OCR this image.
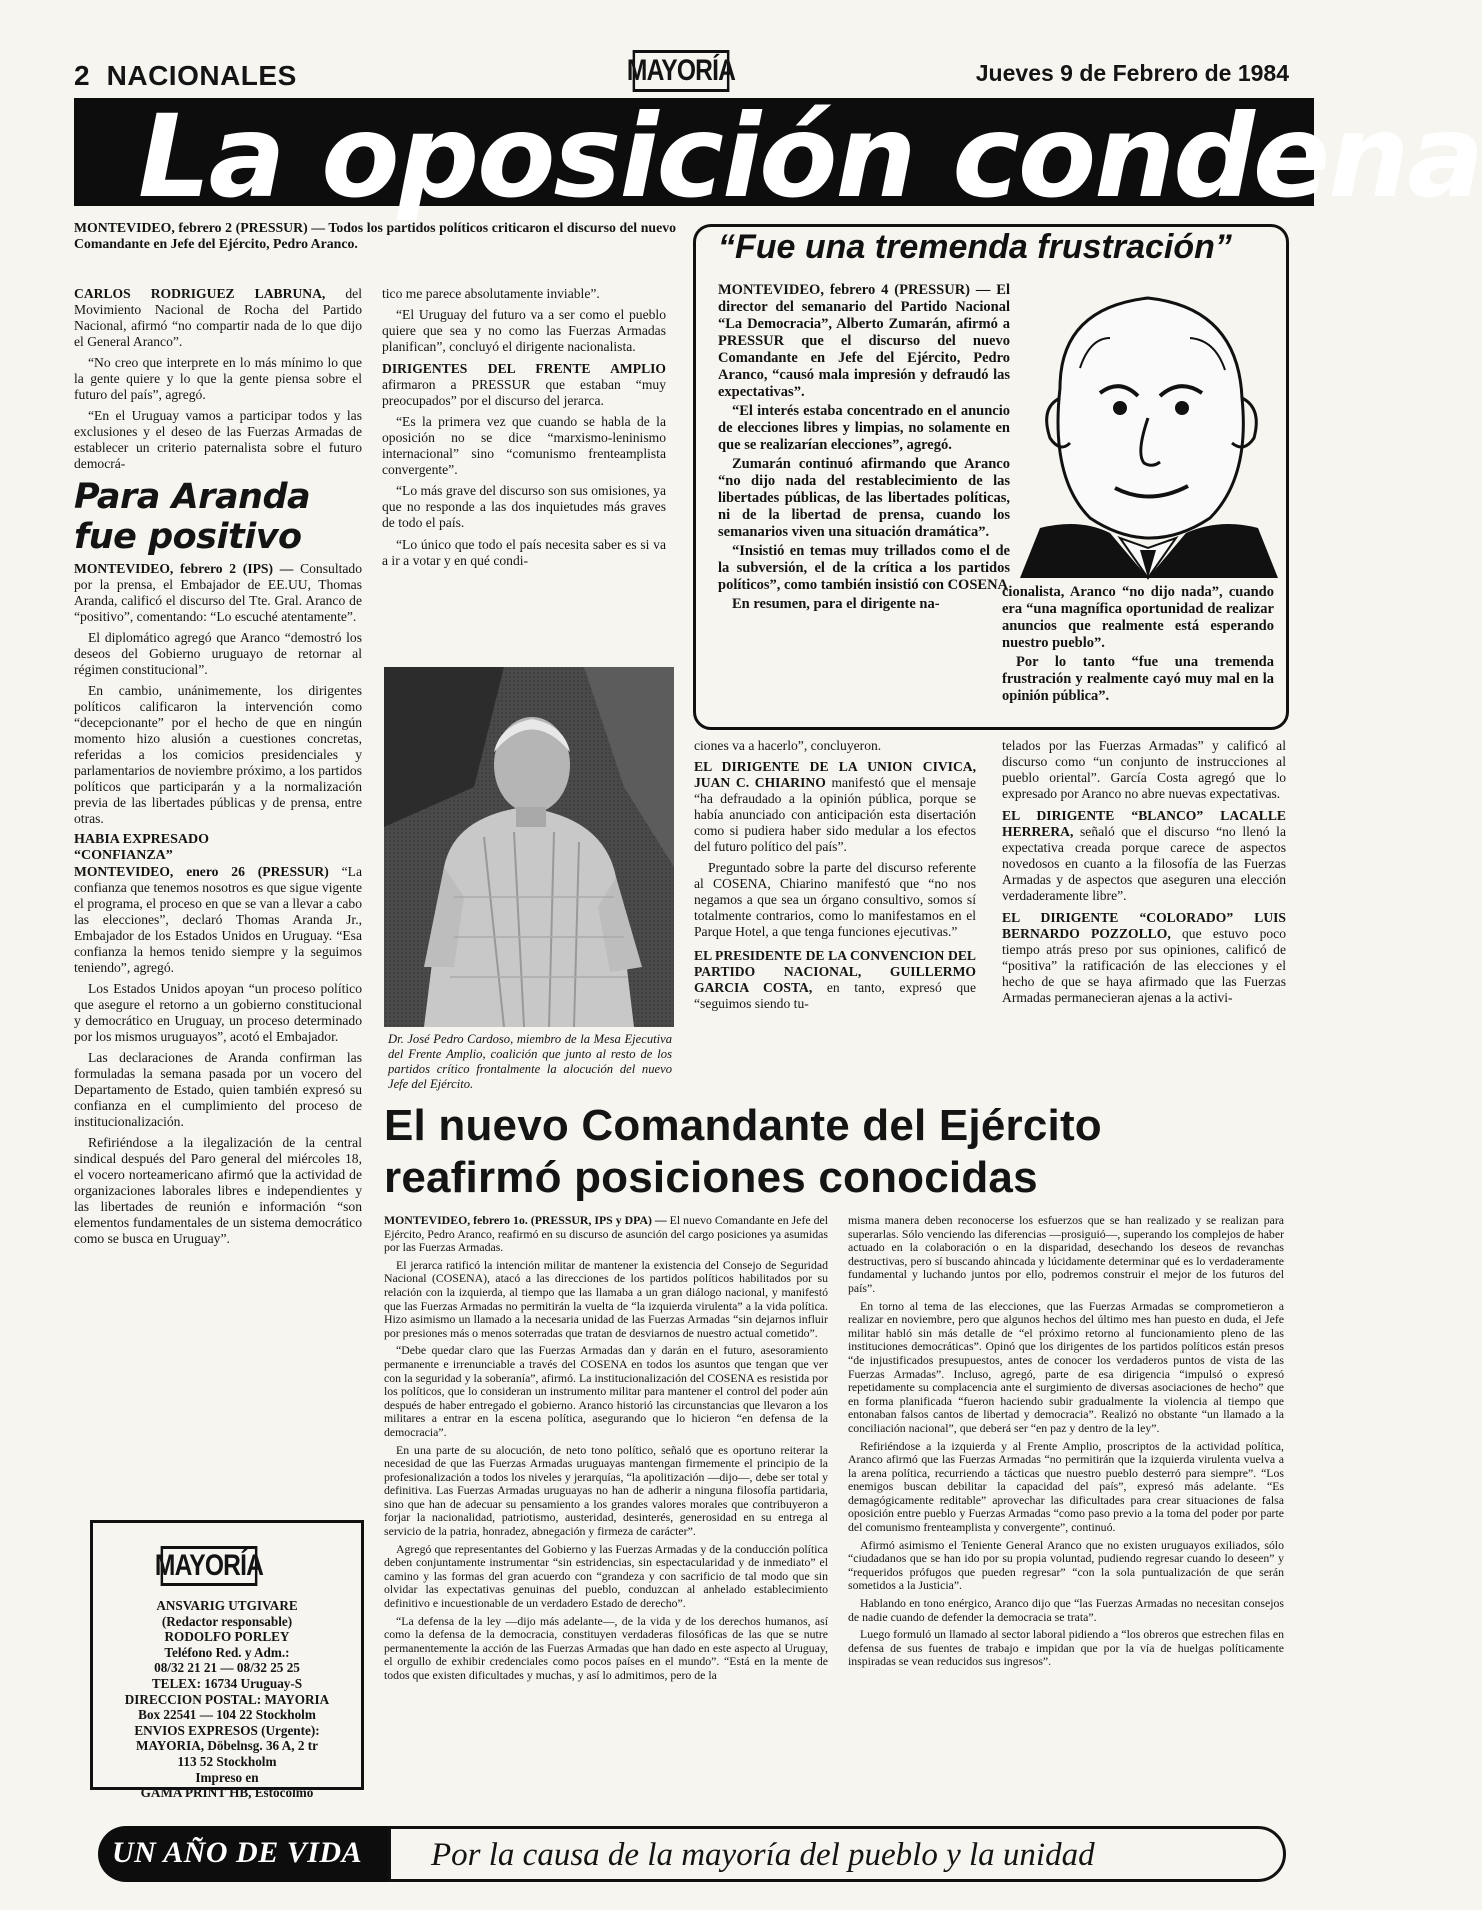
2 NACIONALES	MAYORÍA	Jueves 9 de Febrero de 1984
La oposición condena
MONTEVIDEO, febrero 2 (PRESSUR) — Todos los partidos políticos criticaron el discurso del nuevo Comandante en Jefe del Ejército, Pedro Aranco.

CARLOS RODRIGUEZ LABRUNA, del Movimiento Nacional de Rocha del Partido Nacional, afirmó “no compartir nada de lo que dijo el General Aranco”.

“No creo que interprete en lo más mínimo lo que la gente quiere y lo que la gente piensa sobre el futuro del país”, agregó.

“En el Uruguay vamos a participar todos y las exclusiones y el deseo de las Fuerzas Armadas de establecer un criterio paternalista sobre el futuro democrá-

Para Aranda
fue positivo

MONTEVIDEO, febrero 2 (IPS) — Consultado por la prensa, el Embajador de EE.UU, Thomas Aranda, calificó el discurso del Tte. Gral. Aranco de “positivo”, comentando: “Lo escuché atentamente”.

El diplomático agregó que Aranco “demostró los deseos del Gobierno uruguayo de retornar al régimen constitucional”.

En cambio, unánimemente, los dirigentes políticos calificaron la intervención como “decepcionante” por el hecho de que en ningún momento hizo alusión a cuestiones concretas, referidas a los comicios presidenciales y parlamentarios de noviembre próximo, a los partidos políticos que participarán y a la normalización previa de las libertades públicas y de prensa, entre otras.

HABIA EXPRESADO
“CONFIANZA”

MONTEVIDEO, enero 26 (PRESSUR) “La confianza que tenemos nosotros es que sigue vigente el programa, el proceso en que se van a llevar a cabo las elecciones”, declaró Thomas Aranda Jr., Embajador de los Estados Unidos en Uruguay. “Esa confianza la hemos tenido siempre y la seguimos teniendo”, agregó.

Los Estados Unidos apoyan “un proceso político que asegure el retorno a un gobierno constitucional y democrático en Uruguay, un proceso determinado por los mismos uruguayos”, acotó el Embajador.

Las declaraciones de Aranda confirman las formuladas la semana pasada por un vocero del Departamento de Estado, quien también expresó su confianza en el cumplimiento del proceso de institucionalización.

Refiriéndose a la ilegalización de la central sindical después del Paro general del miércoles 18, el vocero norteamericano afirmó que la actividad de organizaciones laborales libres e independientes y las libertades de reunión e información “son elementos fundamentales de un sistema democrático como se busca en Uruguay”.

tico me parece absolutamente inviable”.

“El Uruguay del futuro va a ser como el pueblo quiere que sea y no como las Fuerzas Armadas planifican”, concluyó el dirigente nacionalista.

DIRIGENTES DEL FRENTE AMPLIO afirmaron a PRESSUR que estaban “muy preocupados” por el discurso del jerarca.

“Es la primera vez que cuando se habla de la oposición no se dice “marxismo-leninismo internacional” sino “comunismo frenteamplista convergente”.

“Lo más grave del discurso son sus omisiones, ya que no responde a las dos inquietudes más graves de todo el país.

“Lo único que todo el país necesita saber es si va a ir a votar y en qué condi-

Dr. José Pedro Cardoso, miembro de la Mesa Ejecutiva del Frente Amplio, coalición que junto al resto de los partidos crítico frontalmente la alocución del nuevo Jefe del Ejército.
“Fue una tremenda frustración”

MONTEVIDEO, febrero 4 (PRESSUR) — El director del semanario del Partido Nacional “La Democracia”, Alberto Zumarán, afirmó a PRESSUR que el discurso del nuevo Comandante en Jefe del Ejército, Pedro Aranco, “causó mala impresión y defraudó las expectativas”.

“El interés estaba concentrado en el anuncio de elecciones libres y limpias, no solamente en que se realizarían elecciones”, agregó.

Zumarán continuó afirmando que Aranco “no dijo nada del restablecimiento de las libertades públicas, de las libertades políticas, ni de la libertad de prensa, cuando los semanarios viven una situación dramática”.

“Insistió en temas muy trillados como el de la subversión, el de la crítica a los partidos políticos”, como también insistió con COSENA

En resumen, para el dirigente na-

cionalista, Aranco “no dijo nada”, cuando era “una magnífica oportunidad de realizar anuncios que realmente está esperando nuestro pueblo”.

Por lo tanto “fue una tremenda frustración y realmente cayó muy mal en la opinión pública”.

ciones va a hacerlo”, concluyeron.

EL DIRIGENTE DE LA UNION CIVICA, JUAN C. CHIARINO manifestó que el mensaje “ha defraudado a la opinión pública, porque se había anunciado con anticipación esta disertación como si pudiera haber sido medular a los efectos del futuro político del país”.

Preguntado sobre la parte del discurso referente al COSENA, Chiarino manifestó que “no nos negamos a que sea un órgano consultivo, somos sí totalmente contrarios, como lo manifestamos en el Parque Hotel, a que tenga funciones ejecutivas.”

EL PRESIDENTE DE LA CONVENCION DEL PARTIDO NACIONAL, GUILLERMO GARCIA COSTA, en tanto, expresó que “seguimos siendo tu-

telados por las Fuerzas Armadas” y calificó al discurso como “un conjunto de instrucciones al pueblo oriental”. García Costa agregó que lo expresado por Aranco no abre nuevas expectativas.

EL DIRIGENTE “BLANCO” LACALLE HERRERA, señaló que el discurso “no llenó la expectativa creada porque carece de aspectos novedosos en cuanto a la filosofía de las Fuerzas Armadas y de aspectos que aseguren una elección verdaderamente libre”.

EL DIRIGENTE “COLORADO” LUIS BERNARDO POZZOLLO, que estuvo poco tiempo atrás preso por sus opiniones, calificó de “positiva” la ratificación de las elecciones y el hecho de que se haya afirmado que las Fuerzas Armadas permanecieran ajenas a la activi-

El nuevo Comandante del Ejército
reafirmó posiciones conocidas

MONTEVIDEO, febrero 1o. (PRESSUR, IPS y DPA) — El nuevo Comandante en Jefe del Ejército, Pedro Aranco, reafirmó en su discurso de asunción del cargo posiciones ya asumidas por las Fuerzas Armadas.

El jerarca ratificó la intención militar de mantener la existencia del Consejo de Seguridad Nacional (COSENA), atacó a las direcciones de los partidos políticos habilitados por su relación con la izquierda, al tiempo que las llamaba a un gran diálogo nacional, y manifestó que las Fuerzas Armadas no permitirán la vuelta de “la izquierda virulenta” a la vida política. Hizo asimismo un llamado a la necesaria unidad de las Fuerzas Armadas “sin dejarnos influir por presiones más o menos soterradas que tratan de desviarnos de nuestro actual cometido”.

“Debe quedar claro que las Fuerzas Armadas dan y darán en el futuro, asesoramiento permanente e irrenunciable a través del COSENA en todos los asuntos que tengan que ver con la seguridad y la soberanía”, afirmó. La institucionalización del COSENA es resistida por los políticos, que lo consideran un instrumento militar para mantener el control del poder aún después de haber entregado el gobierno. Aranco historió las circunstancias que llevaron a los militares a entrar en la escena política, asegurando que lo hicieron “en defensa de la democracia”.

En una parte de su alocución, de neto tono político, señaló que es oportuno reiterar la necesidad de que las Fuerzas Armadas uruguayas mantengan firmemente el principio de la profesionalización a todos los niveles y jerarquías, “la apolitización —dijo—, debe ser total y definitiva. Las Fuerzas Armadas uruguayas no han de adherir a ninguna filosofía partidaria, sino que han de adecuar su pensamiento a los grandes valores morales que contribuyeron a forjar la nacionalidad, patriotismo, austeridad, desinterés, generosidad en su entrega al servicio de la patria, honradez, abnegación y firmeza de carácter”.

Agregó que representantes del Gobierno y las Fuerzas Armadas y de la conducción política deben conjuntamente instrumentar “sin estridencias, sin espectacularidad y de inmediato” el camino y las formas del gran acuerdo con “grandeza y con sacrificio de tal modo que sin olvidar las expectativas genuinas del pueblo, conduzcan al anhelado establecimiento definitivo e incuestionable de un verdadero Estado de derecho”.

“La defensa de la ley —dijo más adelante—, de la vida y de los derechos humanos, así como la defensa de la democracia, constituyen verdaderas filosóficas de las que se nutre permanentemente la acción de las Fuerzas Armadas que han dado en este aspecto al Uruguay, el orgullo de exhibir credenciales como pocos países en el mundo”. “Está en la mente de todos que existen dificultades y muchas, y así lo admitimos, pero de la

misma manera deben reconocerse los esfuerzos que se han realizado y se realizan para superarlas. Sólo venciendo las diferencias —prosiguió—, superando los complejos de haber actuado en la colaboración o en la disparidad, desechando los deseos de revanchas destructivas, pero sí buscando ahincada y lúcidamente determinar qué es lo verdaderamente fundamental y luchando juntos por ello, podremos construir el mejor de los futuros del país”.

En torno al tema de las elecciones, que las Fuerzas Armadas se comprometieron a realizar en noviembre, pero que algunos hechos del último mes han puesto en duda, el Jefe militar habló sin más detalle de “el próximo retorno al funcionamiento pleno de las instituciones democráticas”. Opinó que los dirigentes de los partidos políticos están presos “de injustificados presupuestos, antes de conocer los verdaderos puntos de vista de las Fuerzas Armadas”. Incluso, agregó, parte de esa dirigencia “impulsó o expresó repetidamente su complacencia ante el surgimiento de diversas asociaciones de hecho” que en forma planificada “fueron haciendo subir gradualmente la violencia al tiempo que entonaban falsos cantos de libertad y democracia”. Realizó no obstante “un llamado a la conciliación nacional”, que deberá ser “en paz y dentro de la ley”.

Refiriéndose a la izquierda y al Frente Amplio, proscriptos de la actividad política, Aranco afirmó que las Fuerzas Armadas “no permitirán que la izquierda virulenta vuelva a la arena política, recurriendo a tácticas que nuestro pueblo desterró para siempre”. “Los enemigos buscan debilitar la capacidad del país”, expresó más adelante. “Es demagógicamente reditable” aprovechar las dificultades para crear situaciones de falsa oposición entre pueblo y Fuerzas Armadas “como paso previo a la toma del poder por parte del comunismo frenteamplista y convergente”, continuó.

Afirmó asimismo el Teniente General Aranco que no existen uruguayos exiliados, sólo “ciudadanos que se han ido por su propia voluntad, pudiendo regresar cuando lo deseen” y “requeridos prófugos que pueden regresar” “con la sola puntualización de que serán sometidos a la Justicia”.

Hablando en tono enérgico, Aranco dijo que “las Fuerzas Armadas no necesitan consejos de nadie cuando de defender la democracia se trata”.

Luego formuló un llamado al sector laboral pidiendo a “los obreros que estrechen filas en defensa de sus fuentes de trabajo e impidan que por la vía de huelgas políticamente inspiradas se vean reducidos sus ingresos”.

MAYORÍA
ANSVARIG UTGIVARE
(Redactor responsable)
RODOLFO PORLEY
Teléfono Red. y Adm.:
08/32 21 21 — 08/32 25 25
TELEX: 16734 Uruguay-S
DIRECCION POSTAL: MAYORIA
Box 22541 — 104 22 Stockholm
ENVIOS EXPRESOS (Urgente):
MAYORIA, Döbelnsg. 36 A, 2 tr
113 52 Stockholm
Impreso en
GAMA PRINT HB, Estocolmo
UN AÑO DE VIDA Por la causa de la mayoría del pueblo y la unidad
